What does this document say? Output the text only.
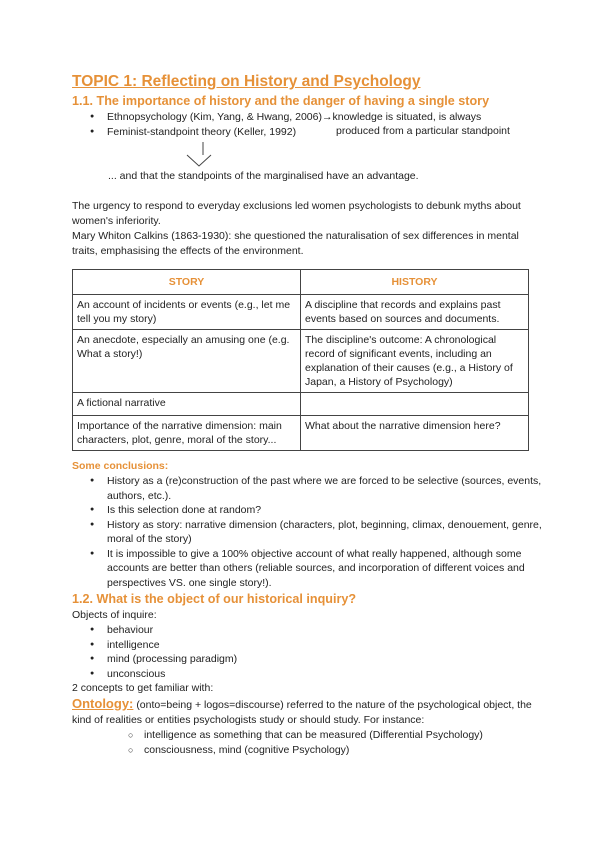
TOPIC 1: Reflecting on History and Psychology
1.1. The importance of history and the danger of having a single story
● Ethnopsychology (Kim, Yang, & Hwang, 2006)→knowledge is situated, is always
● Feminist-standpoint theory (Keller, 1992)	produced from a particular standpoint

... and that the standpoints of the marginalised have an advantage.

The urgency to respond to everyday exclusions led women psychologists to debunk myths about women's inferiority.

Mary Whiton Calkins (1863-1930): she questioned the naturalisation of sex differences in mental traits, emphasising the effects of the environment.

STORY	HISTORY
An account of incidents or events (e.g., let me tell you my story)	A discipline that records and explains past events based on sources and documents.
An anecdote, especially an amusing one (e.g. What a story!)	The discipline's outcome: A chronological record of significant events, including an explanation of their causes (e.g., a History of Japan, a History of Psychology)
A fictional narrative	
Importance of the narrative dimension: main characters, plot, genre, moral of the story...	What about the narrative dimension here?
Some conclusions:
● History as a (re)construction of the past where we are forced to be selective (sources, events, authors, etc.).
● Is this selection done at random?
● History as story: narrative dimension (characters, plot, beginning, climax, denouement, genre, moral of the story)
● It is impossible to give a 100% objective account of what really happened, although some accounts are better than others (reliable sources, and incorporation of different voices and perspectives VS. one single story!).
1.2. What is the object of our historical inquiry?

Objects of inquire:

● behaviour
● intelligence
● mind (processing paradigm)
● unconscious

2 concepts to get familiar with:

Ontology: (onto=being + logos=discourse) referred to the nature of the psychological object, the kind of realities or entities psychologists study or should study. For instance:

○ intelligence as something that can be measured (Differential Psychology)
○ consciousness, mind (cognitive Psychology)
